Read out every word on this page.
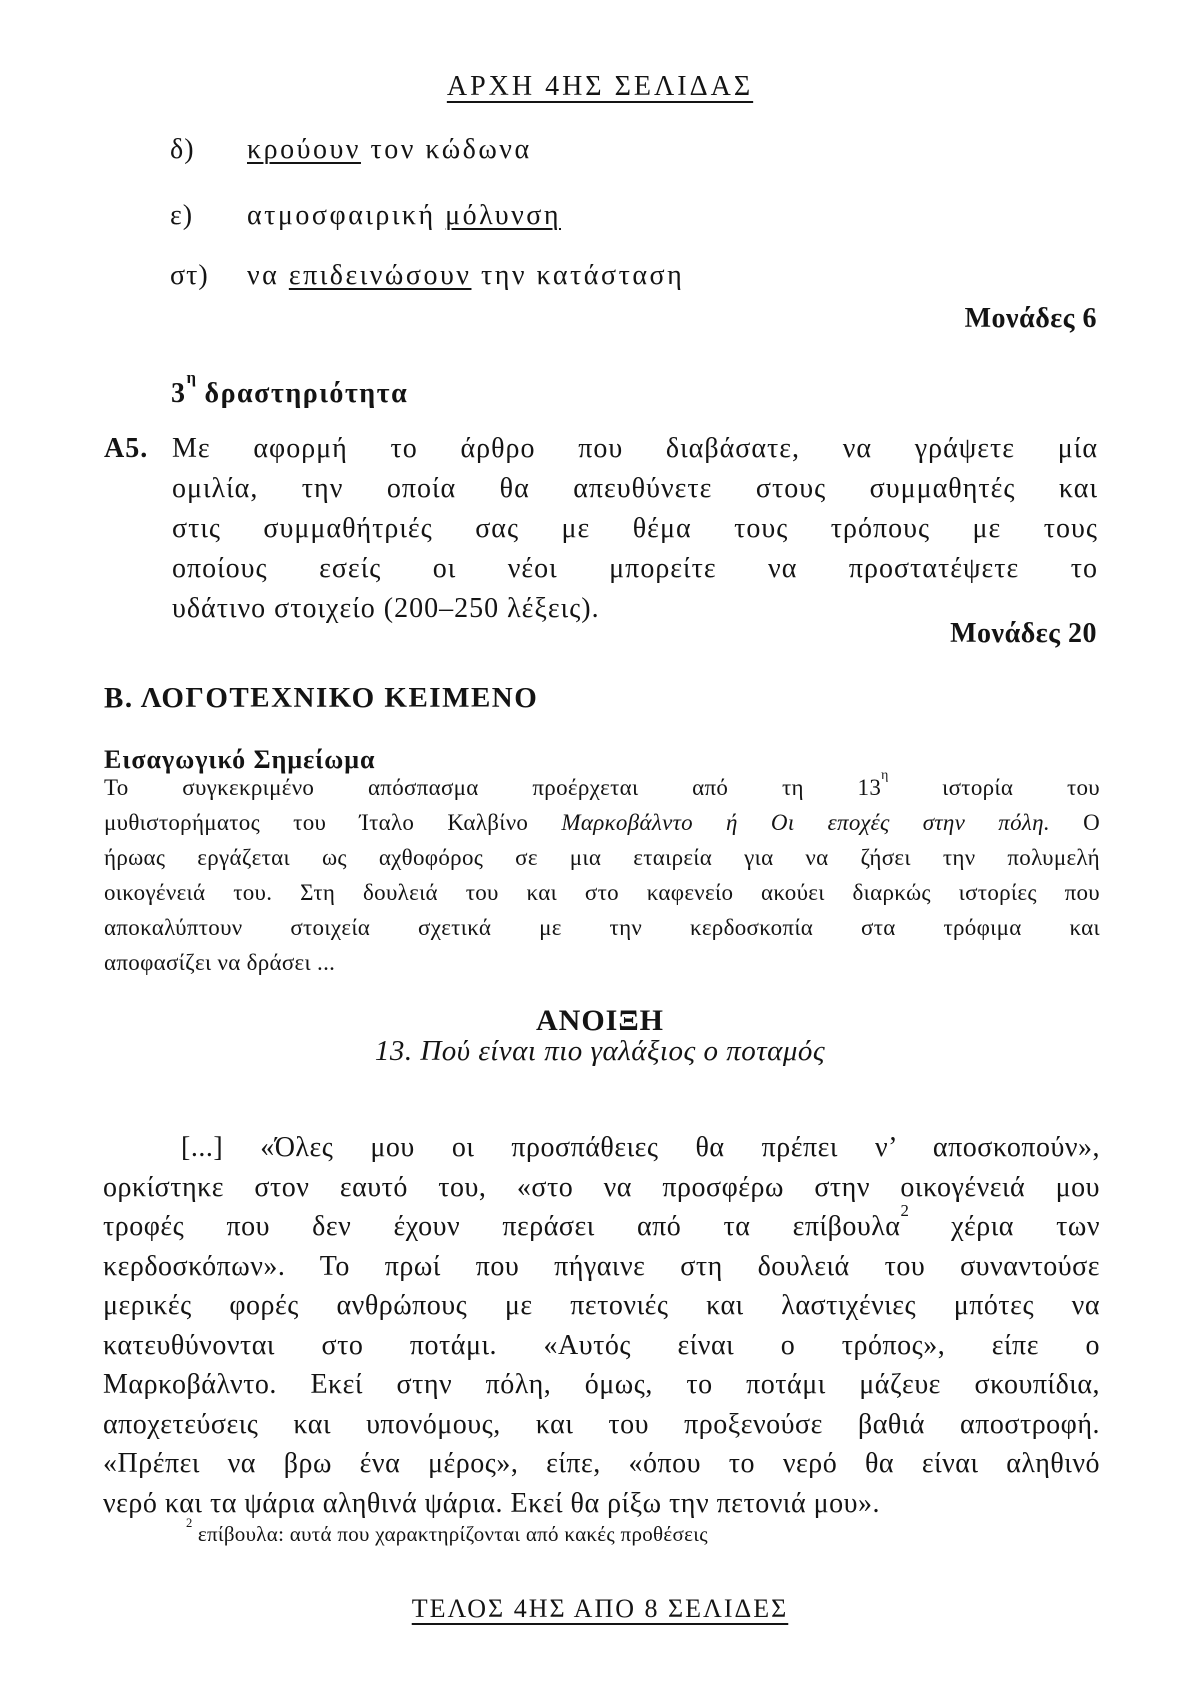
ΑΡΧΗ 4ΗΣ ΣΕΛΙΔΑΣ
δ) κρούουν τον κώδωνα
ε) ατμοσφαιρική μόλυνση
στ) να επιδεινώσουν την κατάσταση
Μονάδες 6
$3^\eta$ δραστηριότητα
Α5. Με αφορμή το άρθρο που διαβάσατε, να γράψετε μία
ομιλία, την οποία θα απευθύνετε στους συμμαθητές και
στις συμμαθήτριές σας με θέμα τους τρόπους με τους
οποίους εσείς οι νέοι μπορείτε να προστατέψετε το
υδάτινο στοιχείο (200–250 λέξεις).
Μονάδες 20
Β. ΛΟΓΟΤΕΧΝΙΚΟ ΚΕΙΜΕΝΟ
Εισαγωγικό Σημείωμα
Το συγκεκριμένο απόσπασμα προέρχεται από τη $13^\eta$ ιστορία του
μυθιστορήματος του Ίταλο Καλβίνο Μαρκοβάλντο ή Οι εποχές στην πόλη. Ο
ήρωας εργάζεται ως αχθοφόρος σε μια εταιρεία για να ζήσει την πολυμελή
οικογένειά του. Στη δουλειά του και στο καφενείο ακούει διαρκώς ιστορίες που
αποκαλύπτουν στοιχεία σχετικά με την κερδοσκοπία στα τρόφιμα και
αποφασίζει να δράσει ...
ΑΝΟΙΞΗ
13. Πού είναι πιο γαλάξιος ο ποταμός
[...] «Όλες μου οι προσπάθειες θα πρέπει ν’ αποσκοπούν»,
ορκίστηκε στον εαυτό του, «στο να προσφέρω στην οικογένειά μου
τροφές που δεν έχουν περάσει από τα επίβουλα$^2$ χέρια των
κερδοσκόπων». Το πρωί που πήγαινε στη δουλειά του συναντούσε
μερικές φορές ανθρώπους με πετονιές και λαστιχένιες μπότες να
κατευθύνονται στο ποτάμι. «Αυτός είναι ο τρόπος», είπε ο
Μαρκοβάλντο. Εκεί στην πόλη, όμως, το ποτάμι μάζευε σκουπίδια,
αποχετεύσεις και υπονόμους, και του προξενούσε βαθιά αποστροφή.
«Πρέπει να βρω ένα μέρος», είπε, «όπου το νερό θα είναι αληθινό
νερό και τα ψάρια αληθινά ψάρια. Εκεί θα ρίξω την πετονιά μου».
$^2$ επίβουλα: αυτά που χαρακτηρίζονται από κακές προθέσεις
ΤΕΛΟΣ 4ΗΣ ΑΠΟ 8 ΣΕΛΙΔΕΣ
